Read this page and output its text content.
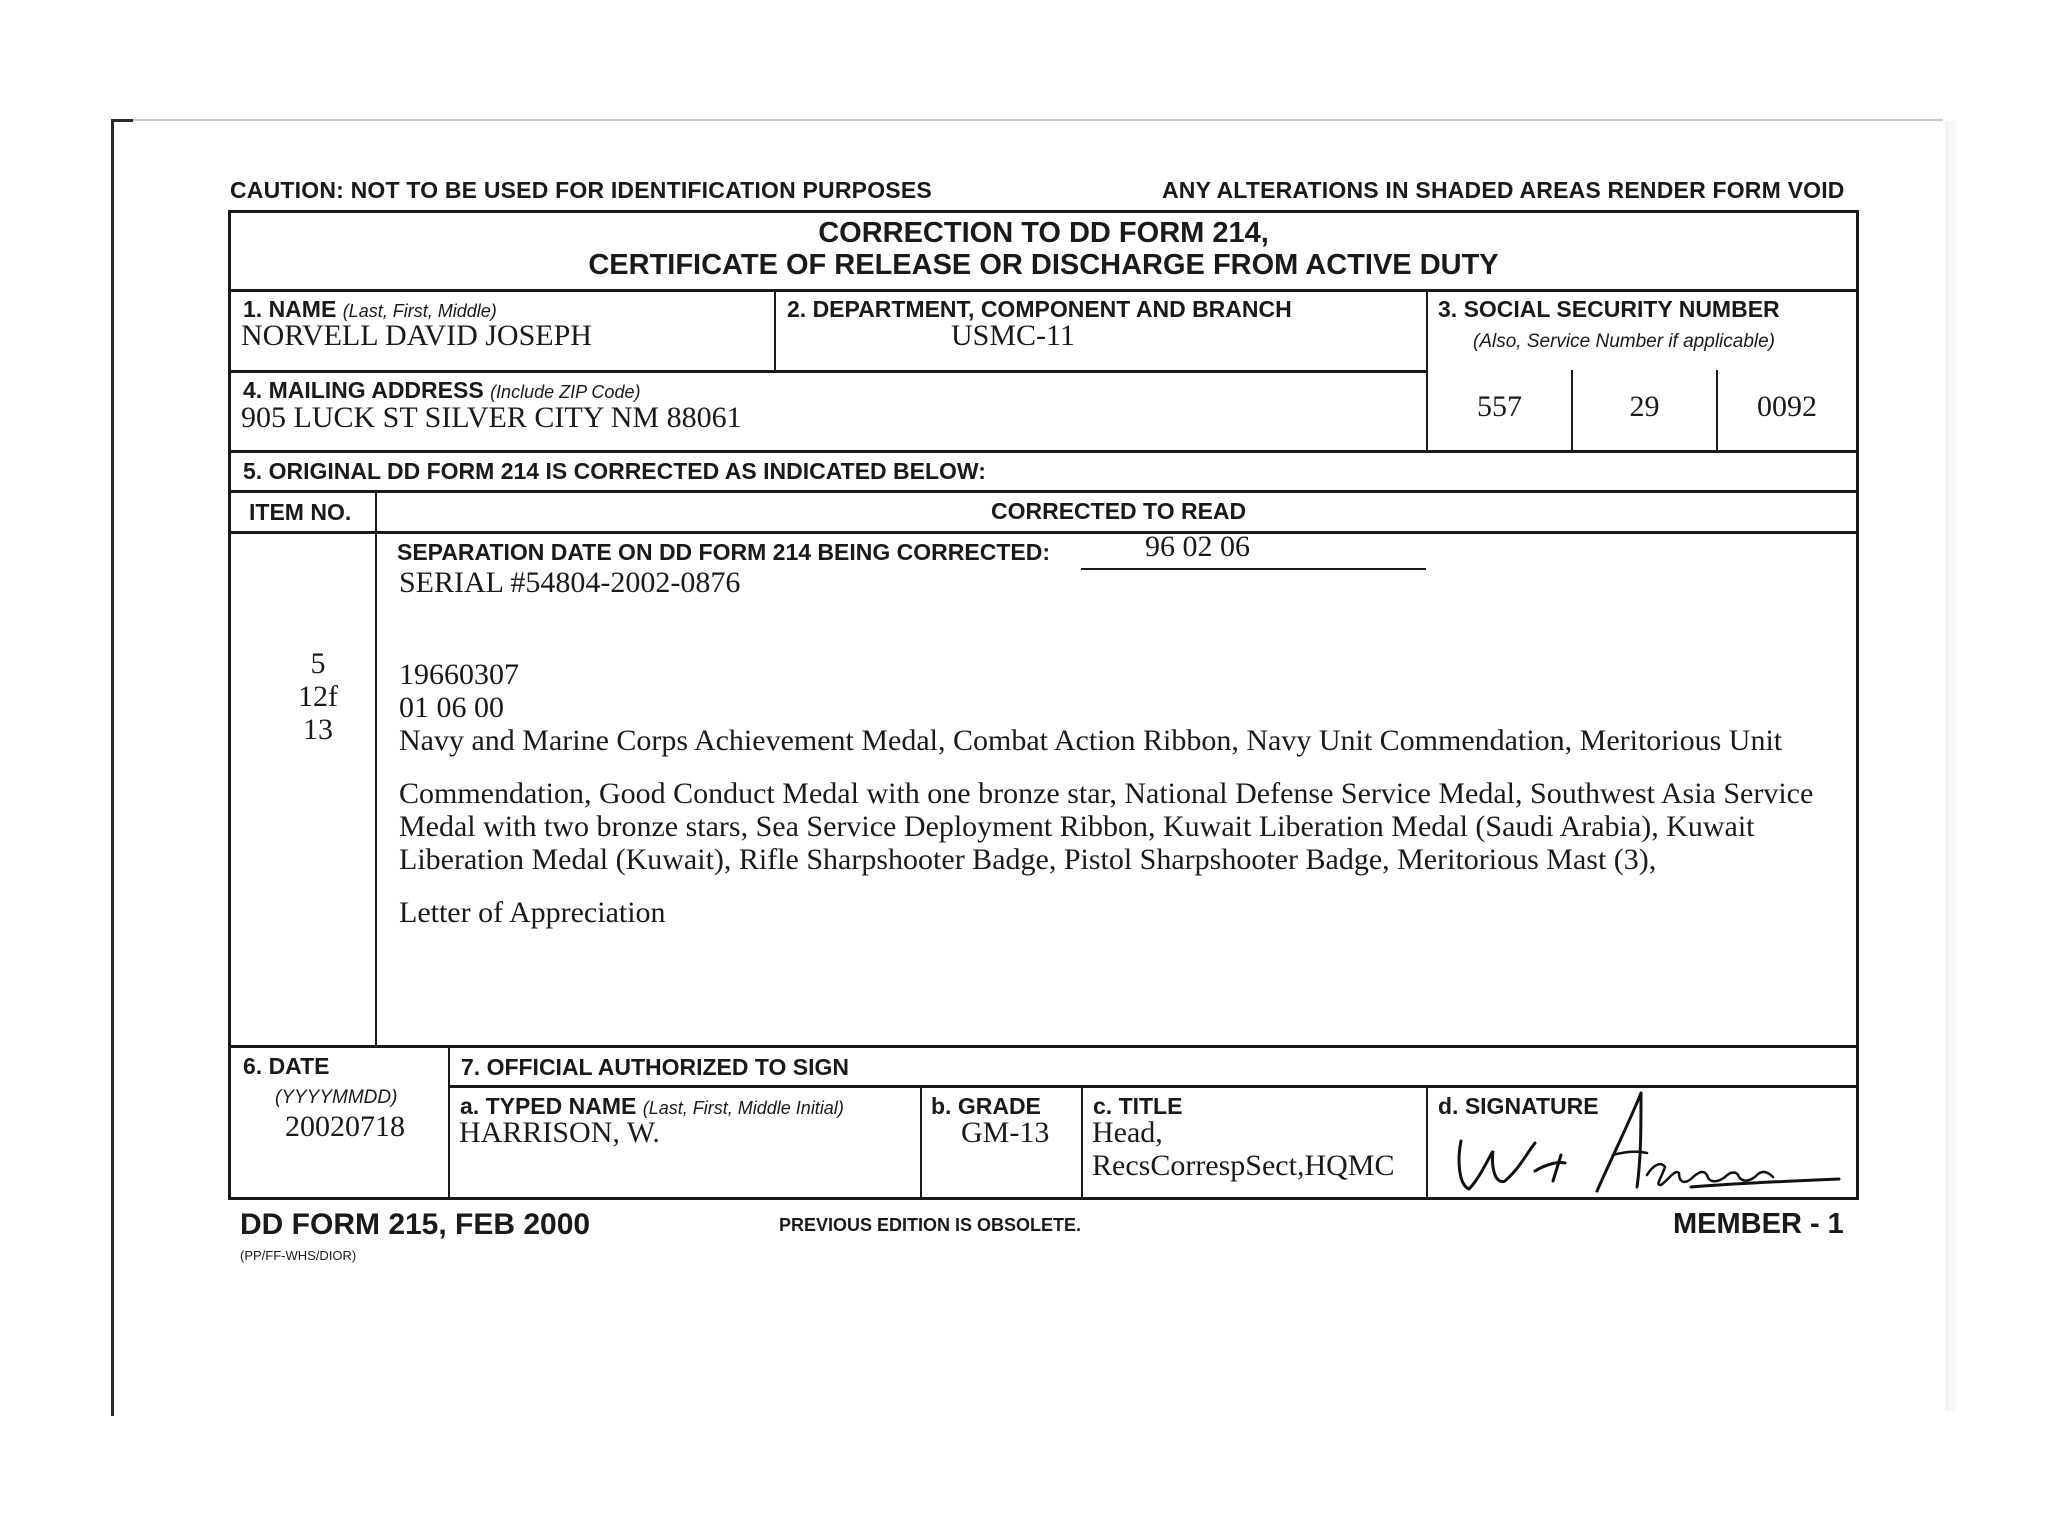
CAUTION: NOT TO BE USED FOR IDENTIFICATION PURPOSES	ANY ALTERATIONS IN SHADED AREAS RENDER FORM VOID
CORRECTION TO DD FORM 214,
CERTIFICATE OF RELEASE OR DISCHARGE FROM ACTIVE DUTY
1. NAME (Last, First, Middle)
NORVELL DAVID JOSEPH
2. DEPARTMENT, COMPONENT AND BRANCH
USMC-11
3. SOCIAL SECURITY NUMBER
(Also, Service Number if applicable)
557	29	0092
4. MAILING ADDRESS (Include ZIP Code)
905 LUCK ST SILVER CITY NM 88061
5. ORIGINAL DD FORM 214 IS CORRECTED AS INDICATED BELOW:
ITEM NO.	CORRECTED TO READ
SEPARATION DATE ON DD FORM 214 BEING CORRECTED:	96 02 06
SERIAL #54804-2002-0876
5
12f
13
19660307
01 06 00
Navy and Marine Corps Achievement Medal, Combat Action Ribbon, Navy Unit Commendation, Meritorious Unit
Commendation, Good Conduct Medal with one bronze star, National Defense Service Medal, Southwest Asia Service
Medal with two bronze stars, Sea Service Deployment Ribbon, Kuwait Liberation Medal (Saudi Arabia), Kuwait
Liberation Medal (Kuwait), Rifle Sharpshooter Badge, Pistol Sharpshooter Badge, Meritorious Mast (3),
Letter of Appreciation
6. DATE
(YYYYMMDD)
20020718
7. OFFICIAL AUTHORIZED TO SIGN
a. TYPED NAME (Last, First, Middle Initial)
HARRISON, W.
b. GRADE
GM-13
c. TITLE
Head,
RecsCorrespSect,HQMC
d. SIGNATURE
DD FORM 215, FEB 2000
(PP/FF-WHS/DIOR)
PREVIOUS EDITION IS OBSOLETE.	MEMBER - 1
